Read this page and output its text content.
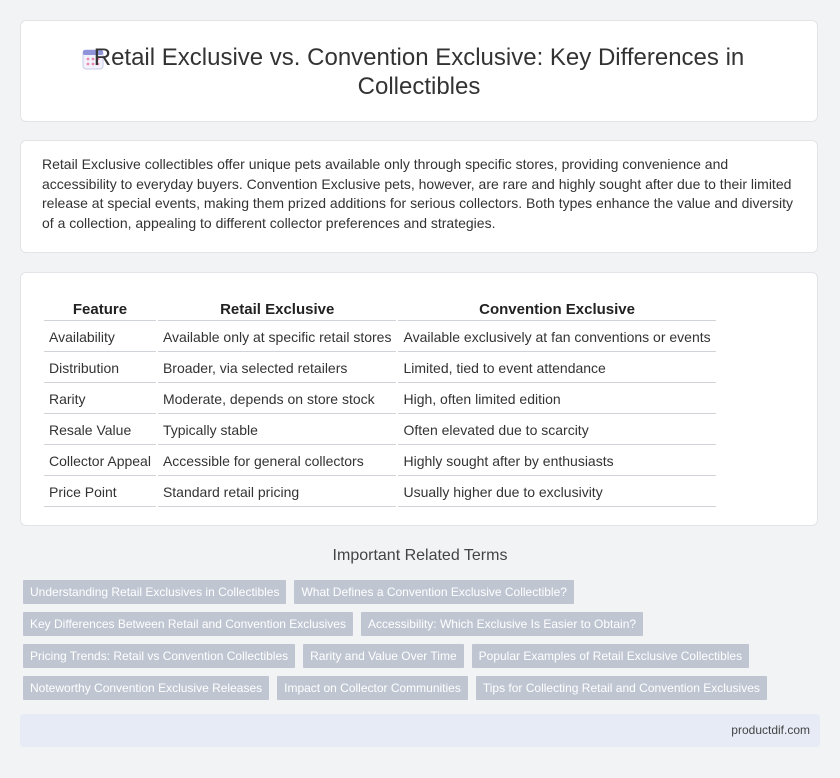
Retail Exclusive vs. Convention Exclusive: Key Differences in Collectibles
Retail Exclusive collectibles offer unique pets available only through specific stores, providing convenience and accessibility to everyday buyers. Convention Exclusive pets, however, are rare and highly sought after due to their limited release at special events, making them prized additions for serious collectors. Both types enhance the value and diversity of a collection, appealing to different collector preferences and strategies.
Feature	Retail Exclusive	Convention Exclusive
Availability	Available only at specific retail stores	Available exclusively at fan conventions or events
Distribution	Broader, via selected retailers	Limited, tied to event attendance
Rarity	Moderate, depends on store stock	High, often limited edition
Resale Value	Typically stable	Often elevated due to scarcity
Collector Appeal	Accessible for general collectors	Highly sought after by enthusiasts
Price Point	Standard retail pricing	Usually higher due to exclusivity
Important Related Terms
Understanding Retail Exclusives in Collectibles	What Defines a Convention Exclusive Collectible?
Key Differences Between Retail and Convention Exclusives	Accessibility: Which Exclusive Is Easier to Obtain?
Pricing Trends: Retail vs Convention Collectibles	Rarity and Value Over Time	Popular Examples of Retail Exclusive Collectibles
Noteworthy Convention Exclusive Releases	Impact on Collector Communities	Tips for Collecting Retail and Convention Exclusives
productdif.com
